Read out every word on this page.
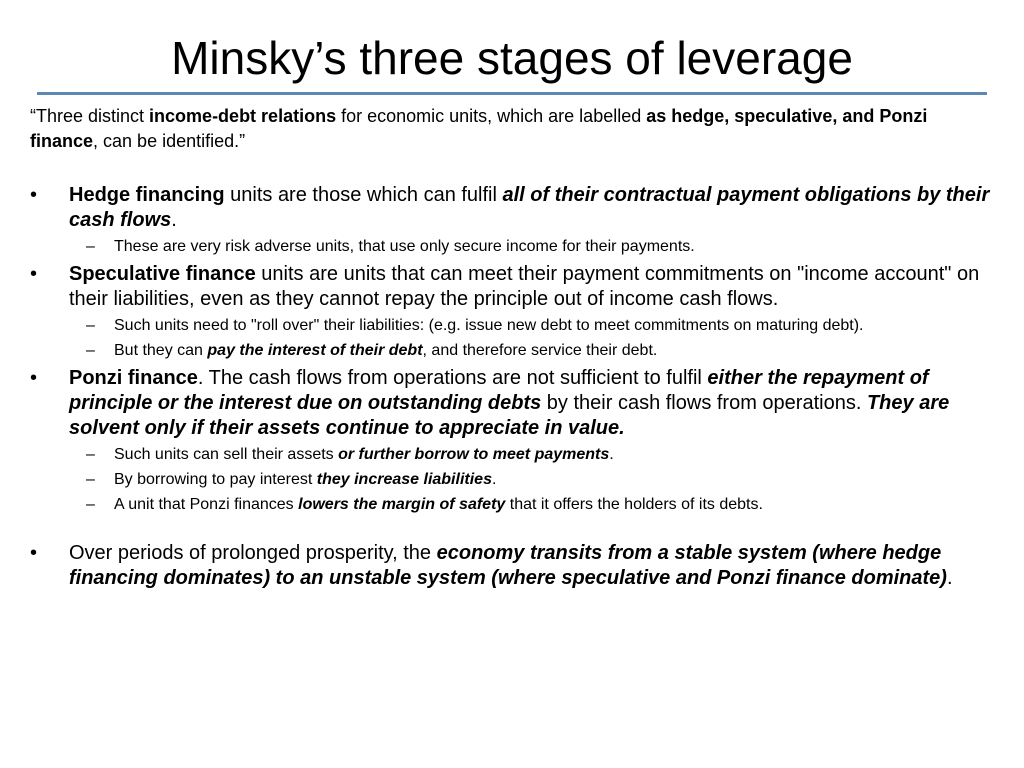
Minsky’s three stages of leverage

“Three distinct income-debt relations for economic units, which are labelled as hedge, speculative, and Ponzi finance, can be identified.”

• Hedge financing units are those which can fulfil all of their contractual payment obligations by their cash flows.
– These are very risk adverse units, that use only secure income for their payments.
• Speculative finance units are units that can meet their payment commitments on "income account" on their liabilities, even as they cannot repay the principle out of income cash flows.
– Such units need to "roll over" their liabilities: (e.g. issue new debt to meet commitments on maturing debt).
– But they can pay the interest of their debt, and therefore service their debt.
• Ponzi finance. The cash flows from operations are not sufficient to fulfil either the repayment of principle or the interest due on outstanding debts by their cash flows from operations. They are solvent only if their assets continue to appreciate in value.
– Such units can sell their assets or further borrow to meet payments.
– By borrowing to pay interest they increase liabilities.
– A unit that Ponzi finances lowers the margin of safety that it offers the holders of its debts.
• Over periods of prolonged prosperity, the economy transits from a stable system (where hedge financing dominates) to an unstable system (where speculative and Ponzi finance dominate).
